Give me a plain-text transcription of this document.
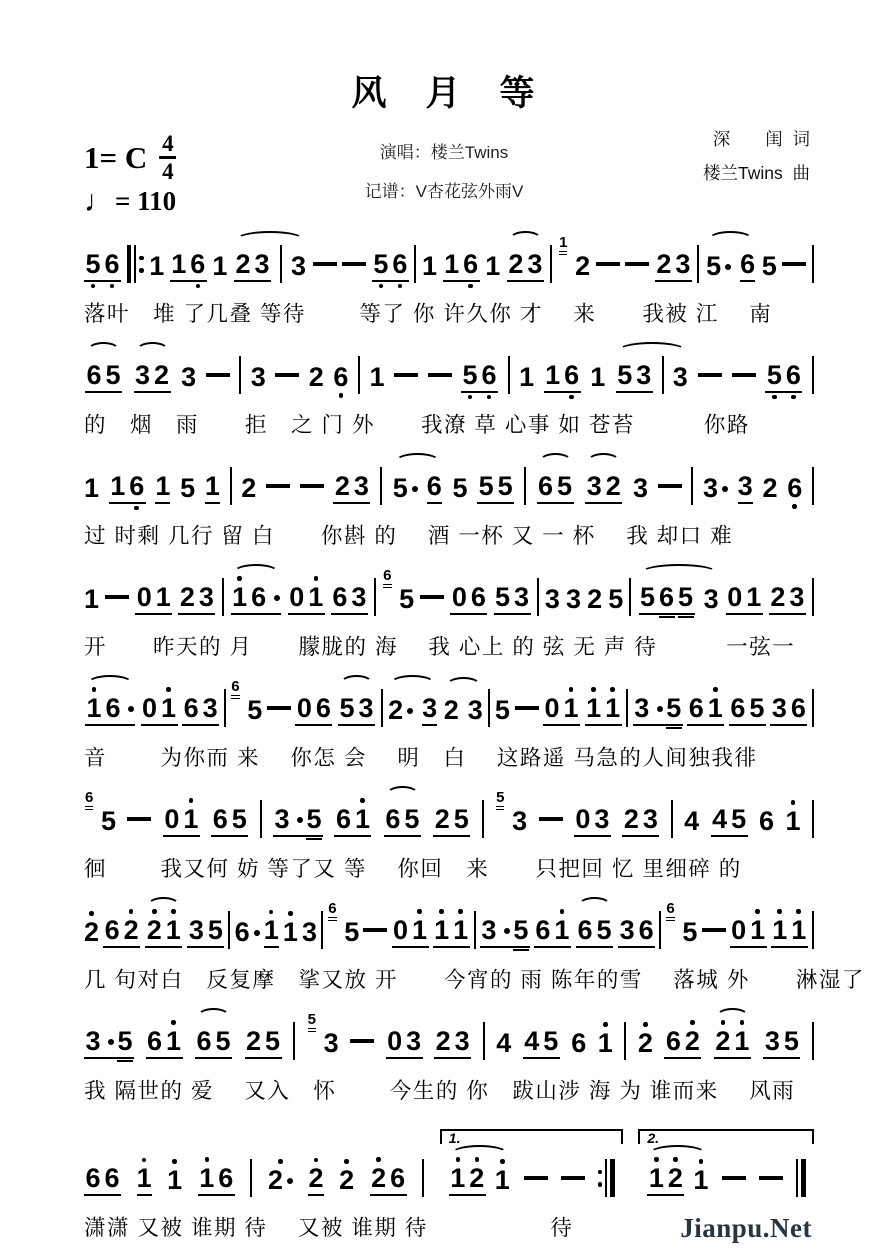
风　月　等
1= C 4
4
♩ = 110
演唱：楼兰Twins
记谱：V杏花弦外雨V
深　　闺  词
楼兰Twins  曲
5 6 1 1 6 1 2 3 3 5 6 1 1 6 1 2 3
1
2 2 3 5 6 5
落叶　堆 了几叠 等待　　 等了 你 许久你 才　 来　　我被 江　 南
6 5 3 2 3 3 2 6 1	5 6 1 1 6 1 5 3 3	5 6
的　烟　雨　　拒　之 门 外　　我潦 草 心事 如 苍苔　　　你路
1 1 6 1 5 1 2	2 3 5 6 5 5 5 6 5 3 2 3 3 3 2 6
过 时剩 几行 留 白　　你斟 的　 酒 一杯 又 一 杯　 我 却口 难
1 0 1 2 3 1 6 0 1 6 3
6
5 0 6 5 3 3 3 2 5 5 6 5 3 0 1 2 3
开　　昨天的 月　　朦胧的 海　 我 心上 的 弦 无 声 待　　　一弦一
1 6 0 1 6 3
6
5 0 6 5 3 2 3 2 3 5 0 1 1 1 3 5 6 1 6 5 3 6
音　　 为你而 来　 你怎 会　 明　白　 这路遥 马急的人间独我徘
6
5 0 1 6 5 3 5 6 1 6 5 2 5
5
3 0 3 2 3 4 4 5 6 1
徊　　 我又何 妨 等了又 等　 你回　来　　只把回 忆 里细碎 的
2 6 2 2 1 3 5 6 1 1 3
6
5 0 1 1 1 3 5 6 1 6 5 3 6
6
5 0 1 1 1
几 句对白　反复摩　挲又放 开　　今宵的 雨 陈年的雪　 落城 外　　淋湿了
3 5 6 1 6 5 2 5
5
3 0 3 2 3 4 4 5 6 1 2 6 2 2 1 3 5
我 隔世的 爱　 又入　怀　　 今生的 你　跋山涉 海 为 谁而来　 风雨
6 6 1 1 1 6 2 2 2 2 6
1.
1 2 1
2.
1 2 1
潇潇 又被 谁期 待　 又被 谁期 待　　　　　 待	Jianpu.Net
